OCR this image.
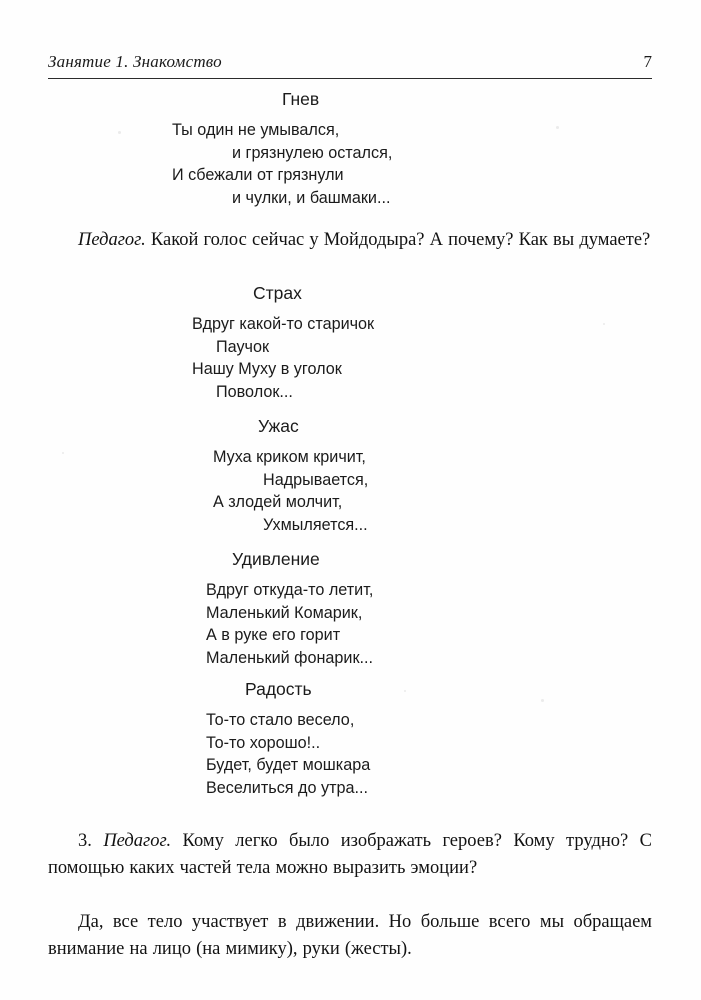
Занятие 1. Знакомство	7
Гнев
Ты один не умывался,
и грязнулею остался,
И сбежали от грязнули
и чулки, и башмаки...
Педагог. Какой голос сейчас у Мойдодыра? А почему? Как вы думаете?
Страх
Вдруг какой-то старичок
Паучок
Нашу Муху в уголок
Поволок...
Ужас
Муха криком кричит,
Надрывается,
А злодей молчит,
Ухмыляется...
Удивление
Вдруг откуда-то летит,
Маленький Комарик,
А в руке его горит
Маленький фонарик...
Радость
То-то стало весело,
То-то хорошо!..
Будет, будет мошкара
Веселиться до утра...
3. Педагог. Кому легко было изображать героев? Кому трудно? С помощью каких частей тела можно выразить эмоции?
Да, все тело участвует в движении. Но больше всего мы обращаем внимание на лицо (на мимику), руки (жесты).
